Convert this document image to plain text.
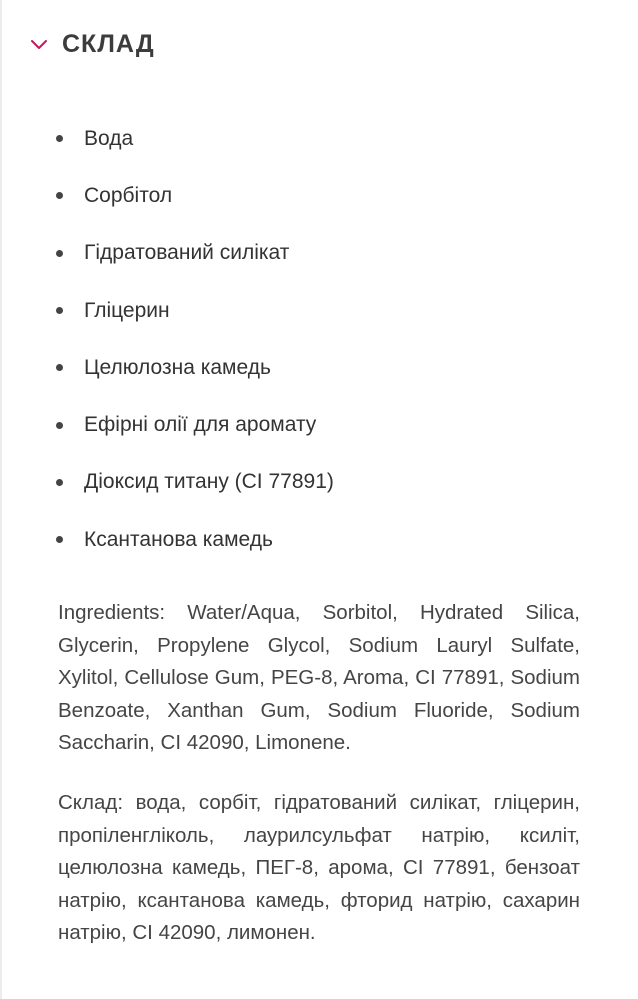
СКЛАД
Вода
Сорбітол
Гідратований силікат
Гліцерин
Целюлозна камедь
Ефірні олії для аромату
Діоксид титану (CI 77891)
Ксантанова камедь

Ingredients: Water/Aqua, Sorbitol, Hydrated Silica, Glycerin, Propylene Glycol, Sodium Lauryl Sulfate, Xylitol, Cellulose Gum, PEG-8, Aroma, CI 77891, Sodium Benzoate, Xanthan Gum, Sodium Fluoride, Sodium Saccharin, CI 42090, Limonene.

Склад: вода, сорбіт, гідратований силікат, гліцерин, пропіленгліколь, лаурилсульфат натрію, ксиліт, целюлозна камедь, ПЕГ-8, арома, CI 77891, бензоат натрію, ксантанова камедь, фторид натрію, сахарин натрію, CI 42090, лимонен.
